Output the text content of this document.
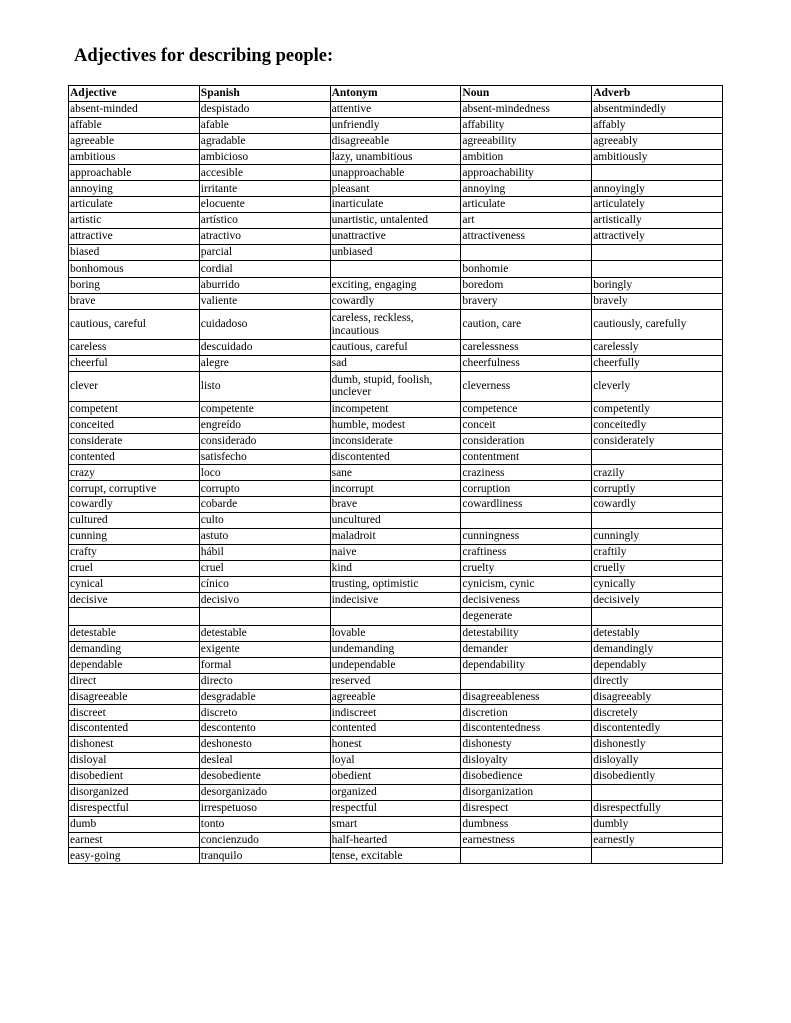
Adjectives for describing people:
Adjective	Spanish	Antonym	Noun	Adverb
absent-minded	despistado	attentive	absent-mindedness	absentmindedly
affable	afable	unfriendly	affability	affably
agreeable	agradable	disagreeable	agreeability	agreeably
ambitious	ambicioso	lazy, unambitious	ambition	ambitiously
approachable	accesible	unapproachable	approachability	
annoying	irritante	pleasant	annoying	annoyingly
articulate	elocuente	inarticulate	articulate	articulately
artistic	artístico	unartistic, untalented	art	artistically
attractive	atractivo	unattractive	attractiveness	attractively
biased	parcial	unbiased		
bonhomous	cordial		bonhomie	
boring	aburrido	exciting, engaging	boredom	boringly
brave	valiente	cowardly	bravery	bravely
cautious, careful	cuidadoso	careless, reckless, incautious	caution, care	cautiously, carefully
careless	descuidado	cautious, careful	carelessness	carelessly
cheerful	alegre	sad	cheerfulness	cheerfully
clever	listo	dumb, stupid, foolish, unclever	cleverness	cleverly
competent	competente	incompetent	competence	competently
conceited	engreído	humble, modest	conceit	conceitedly
considerate	considerado	inconsiderate	consideration	considerately
contented	satisfecho	discontented	contentment	
crazy	loco	sane	craziness	crazily
corrupt, corruptive	corrupto	incorrupt	corruption	corruptly
cowardly	cobarde	brave	cowardliness	cowardly
cultured	culto	uncultured		
cunning	astuto	maladroit	cunningness	cunningly
crafty	hábil	naive	craftiness	craftily
cruel	cruel	kind	cruelty	cruelly
cynical	cínico	trusting, optimistic	cynicism, cynic	cynically
decisive	decisivo	indecisive	decisiveness	decisively
			degenerate	
detestable	detestable	lovable	detestability	detestably
demanding	exigente	undemanding	demander	demandingly
dependable	formal	undependable	dependability	dependably
direct	directo	reserved		directly
disagreeable	desgradable	agreeable	disagreeableness	disagreeably
discreet	discreto	indiscreet	discretion	discretely
discontented	descontento	contented	discontentedness	discontentedly
dishonest	deshonesto	honest	dishonesty	dishonestly
disloyal	desleal	loyal	disloyalty	disloyally
disobedient	desobediente	obedient	disobedience	disobediently
disorganized	desorganizado	organized	disorganization	
disrespectful	irrespetuoso	respectful	disrespect	disrespectfully
dumb	tonto	smart	dumbness	dumbly
earnest	concienzudo	half-hearted	earnestness	earnestly
easy-going	tranquilo	tense, excitable		
